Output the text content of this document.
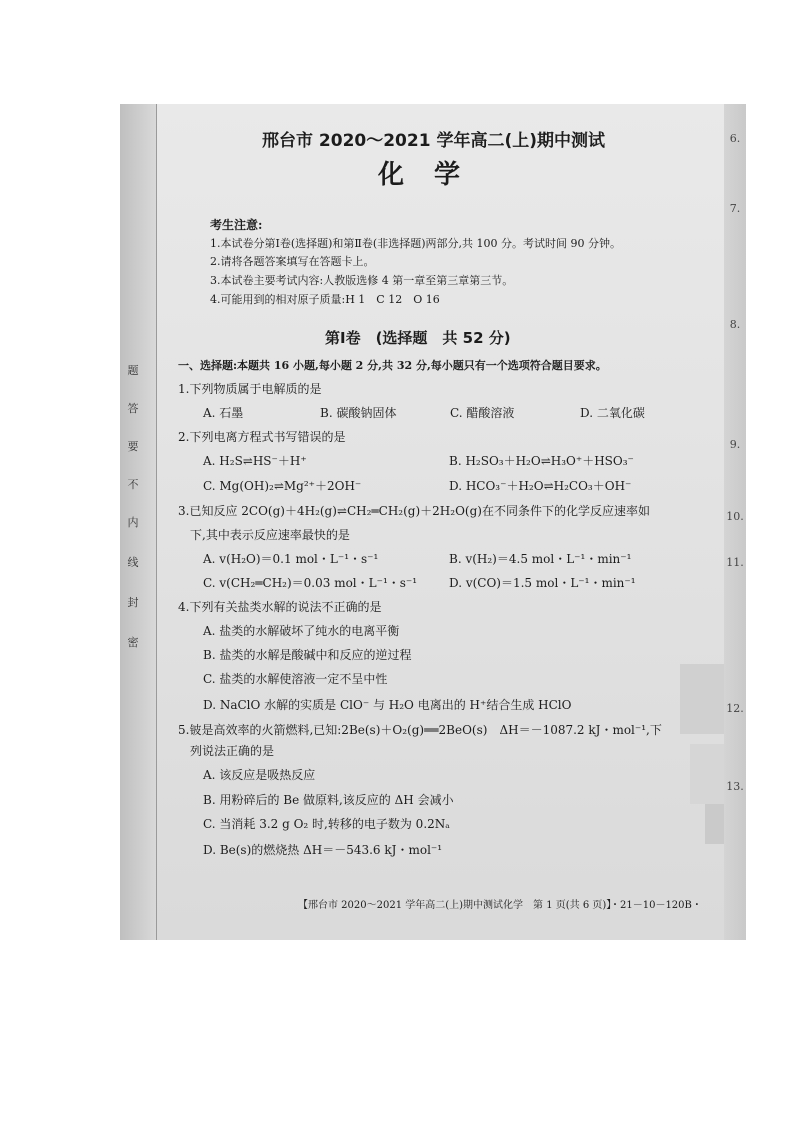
题
答
要
不
内
线
封
密
6.
7.
8.
9.
10.
11.
12.
13.
邢台市 2020～2021 学年高二(上)期中测试
化学
考生注意:
1.本试卷分第Ⅰ卷(选择题)和第Ⅱ卷(非选择题)两部分,共 100 分。考试时间 90 分钟。
2.请将各题答案填写在答题卡上。
3.本试卷主要考试内容:人教版选修 4 第一章至第三章第三节。
4.可能用到的相对原子质量:H 1　C 12　O 16
第Ⅰ卷　(选择题　共 52 分)
一、选择题:本题共 16 小题,每小题 2 分,共 32 分,每小题只有一个选项符合题目要求。
1.下列物质属于电解质的是
A. 石墨	B. 碳酸钠固体	C. 醋酸溶液	D. 二氧化碳
2.下列电离方程式书写错误的是
A. H₂S⇌HS⁻＋H⁺	B. H₂SO₃＋H₂O⇌H₃O⁺＋HSO₃⁻
C. Mg(OH)₂⇌Mg²⁺＋2OH⁻	D. HCO₃⁻＋H₂O⇌H₂CO₃＋OH⁻
3.已知反应 2CO(g)＋4H₂(g)⇌CH₂═CH₂(g)＋2H₂O(g)在不同条件下的化学反应速率如
下,其中表示反应速率最快的是
A. v(H₂O)＝0.1 mol・L⁻¹・s⁻¹	B. v(H₂)＝4.5 mol・L⁻¹・min⁻¹
C. v(CH₂═CH₂)＝0.03 mol・L⁻¹・s⁻¹	D. v(CO)＝1.5 mol・L⁻¹・min⁻¹
4.下列有关盐类水解的说法不正确的是
A. 盐类的水解破坏了纯水的电离平衡
B. 盐类的水解是酸碱中和反应的逆过程
C. 盐类的水解使溶液一定不呈中性
D. NaClO 水解的实质是 ClO⁻ 与 H₂O 电离出的 H⁺结合生成 HClO
5.铍是高效率的火箭燃料,已知:2Be(s)＋O₂(g)══2BeO(s)　ΔH＝－1087.2 kJ・mol⁻¹,下
列说法正确的是
A. 该反应是吸热反应
B. 用粉碎后的 Be 做原料,该反应的 ΔH 会减小
C. 当消耗 3.2 g O₂ 时,转移的电子数为 0.2Nₐ
D. Be(s)的燃烧热 ΔH＝－543.6 kJ・mol⁻¹
【邢台市 2020～2021 学年高二(上)期中测试化学　第 1 页(共 6 页)】
・21－10－120B・
